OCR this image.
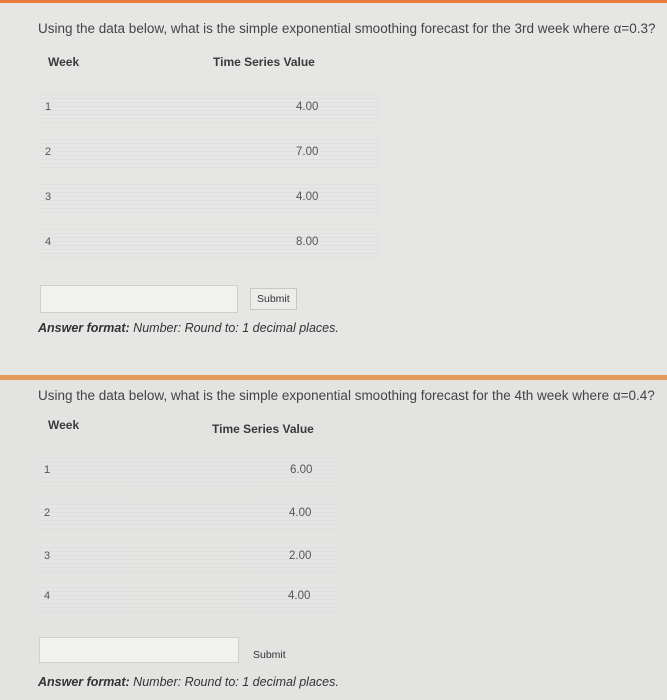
Using the data below, what is the simple exponential smoothing forecast for the 3rd week where α=0.3?
Week	Time Series Value
1	4.00
2	7.00
3	4.00
4	8.00
Submit
Answer format: Number: Round to: 1 decimal places.
Using the data below, what is the simple exponential smoothing forecast for the 4th week where α=0.4?
Week	Time Series Value
1	6.00
2	4.00
3	2.00
4	4.00
Submit
Answer format: Number: Round to: 1 decimal places.
